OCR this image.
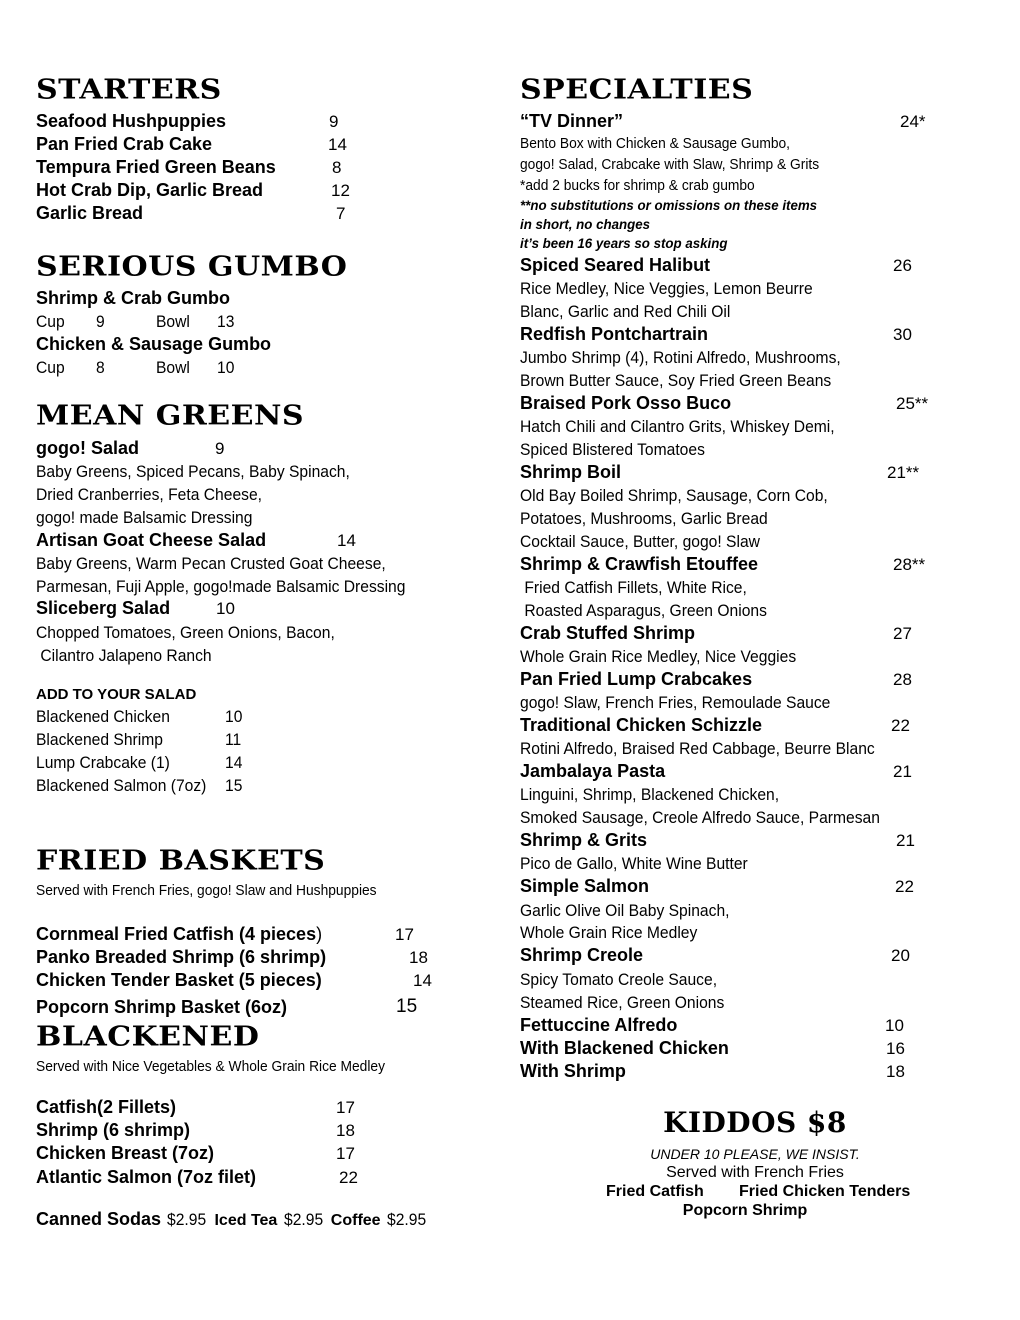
STARTERS
Seafood Hushpuppies	9
Pan Fried Crab Cake	14
Tempura Fried Green Beans	8
Hot Crab Dip, Garlic Bread	12
Garlic Bread	7
SERIOUS GUMBO
Shrimp & Crab Gumbo
Cup 9	Bowl 13
Chicken & Sausage Gumbo
Cup 8	Bowl 10
MEAN GREENS
gogo! Salad	9
Baby Greens, Spiced Pecans, Baby Spinach,
Dried Cranberries, Feta Cheese,
gogo! made Balsamic Dressing
Artisan Goat Cheese Salad	14
Baby Greens, Warm Pecan Crusted Goat Cheese,
Parmesan, Fuji Apple, gogo!made Balsamic Dressing
Sliceberg Salad	10
Chopped Tomatoes, Green Onions, Bacon,
Cilantro Jalapeno Ranch
ADD TO YOUR SALAD
Blackened Chicken	10
Blackened Shrimp	11
Lump Crabcake (1)	14
Blackened Salmon (7oz) 15
FRIED BASKETS
Served with French Fries, gogo! Slaw and Hushpuppies
Cornmeal Fried Catfish (4 pieces)	17
Panko Breaded Shrimp (6 shrimp)	18
Chicken Tender Basket (5 pieces)	14
Popcorn Shrimp Basket (6oz)	15
BLACKENED
Served with Nice Vegetables & Whole Grain Rice Medley
Catfish(2 Fillets)	17
Shrimp (6 shrimp)	18
Chicken Breast (7oz)	17
Atlantic Salmon (7oz filet)	22
Canned Sodas $2.95 Iced Tea $2.95 Coffee $2.95
SPECIALTIES
“TV Dinner”	24*
Bento Box with Chicken & Sausage Gumbo,
gogo! Salad, Crabcake with Slaw, Shrimp & Grits
*add 2 bucks for shrimp & crab gumbo
**no substitutions or omissions on these items
in short, no changes
it’s been 16 years so stop asking
Spiced Seared Halibut	26
Rice Medley, Nice Veggies, Lemon Beurre
Blanc, Garlic and Red Chili Oil
Redfish Pontchartrain	30
Jumbo Shrimp (4), Rotini Alfredo, Mushrooms,
Brown Butter Sauce, Soy Fried Green Beans
Braised Pork Osso Buco	25**
Hatch Chili and Cilantro Grits, Whiskey Demi,
Spiced Blistered Tomatoes
Shrimp Boil	21**
Old Bay Boiled Shrimp, Sausage, Corn Cob,
Potatoes, Mushrooms, Garlic Bread
Cocktail Sauce, Butter, gogo! Slaw
Shrimp & Crawfish Etouffee	28**
Fried Catfish Fillets, White Rice,
Roasted Asparagus, Green Onions
Crab Stuffed Shrimp	27
Whole Grain Rice Medley, Nice Veggies
Pan Fried Lump Crabcakes	28
gogo! Slaw, French Fries, Remoulade Sauce
Traditional Chicken Schizzle	22
Rotini Alfredo, Braised Red Cabbage, Beurre Blanc
Jambalaya Pasta	21
Linguini, Shrimp, Blackened Chicken,
Smoked Sausage, Creole Alfredo Sauce, Parmesan
Shrimp & Grits	21
Pico de Gallo, White Wine Butter
Simple Salmon	22
Garlic Olive Oil Baby Spinach,
Whole Grain Rice Medley
Shrimp Creole	20
Spicy Tomato Creole Sauce,
Steamed Rice, Green Onions
Fettuccine Alfredo	10
With Blackened Chicken	16
With Shrimp	18
KIDDOS $8
UNDER 10 PLEASE, WE INSIST.
Served with French Fries
Fried Catfish Fried Chicken Tenders
Popcorn Shrimp
